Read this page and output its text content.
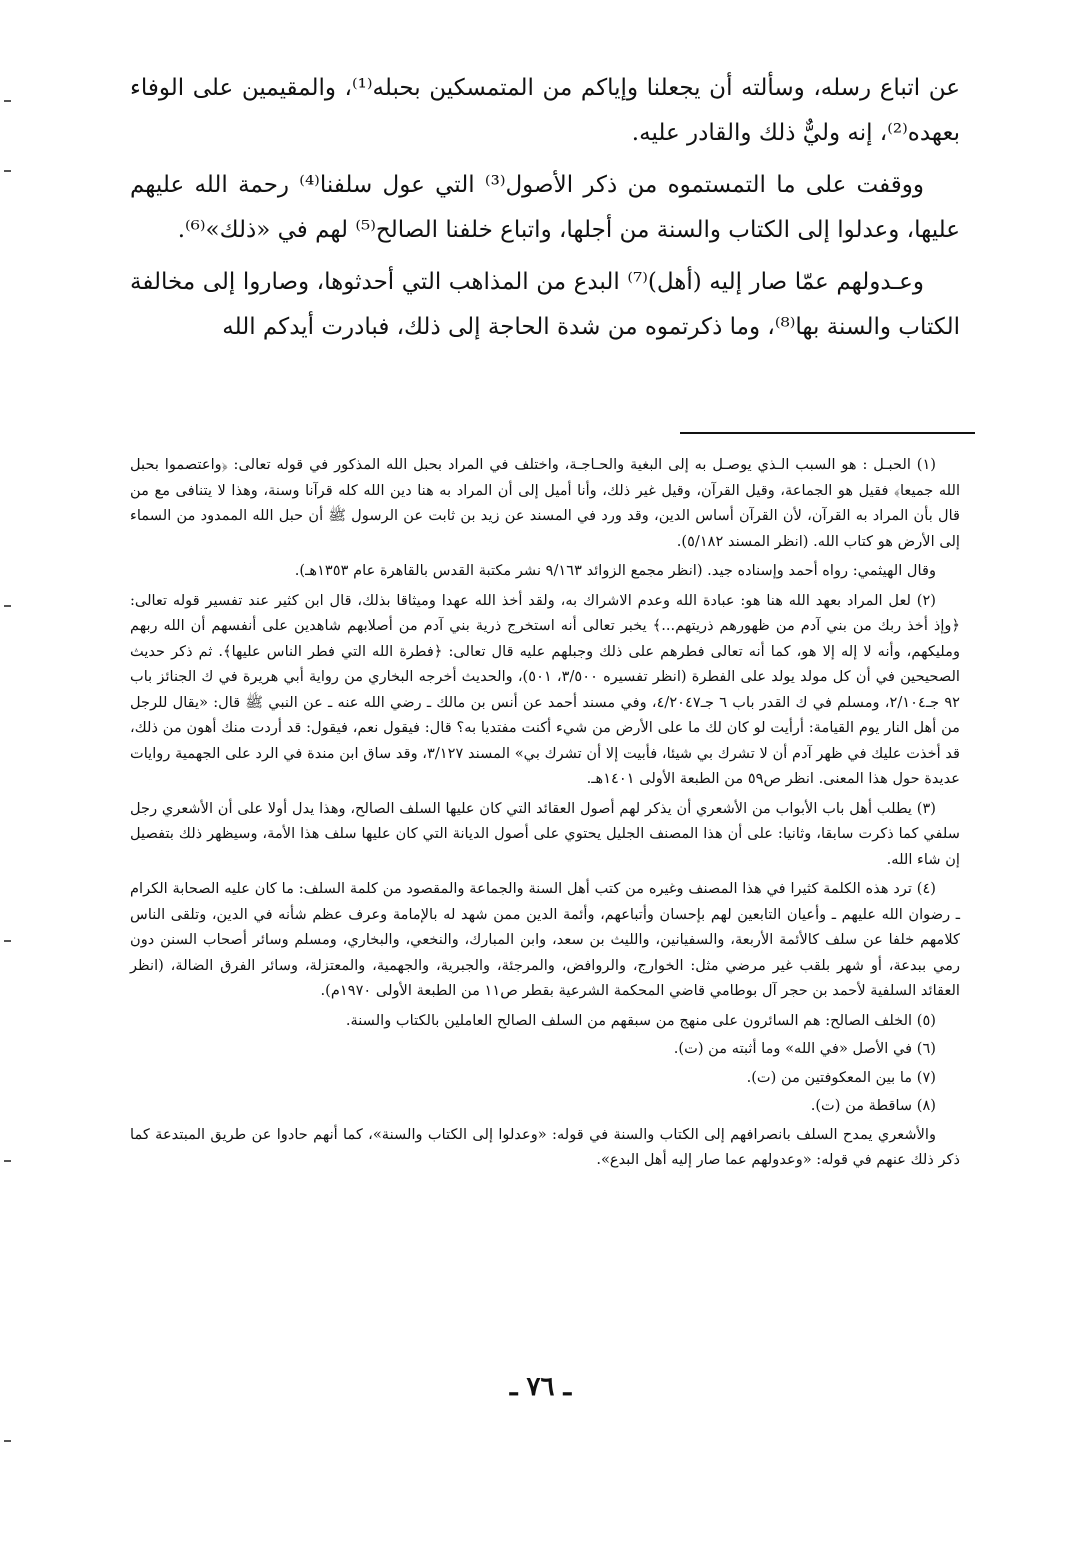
عن اتباع رسله، وسألته أن يجعلنا وإياكم من المتمسكين بحبله⁽¹⁾، والمقيمين على الوفاء بعهده⁽²⁾، إنه وليٌّ ذلك والقادر عليه.

ووقفت على ما التمستموه من ذكر الأصول⁽³⁾ التي عول سلفنا⁽⁴⁾ رحمة الله عليهم عليها، وعدلوا إلى الكتاب والسنة من أجلها، واتباع خلفنا الصالح⁽⁵⁾ لهم في «ذلك»⁽⁶⁾.

وعـدولهم عمّا صار إليه (أهل)⁽⁷⁾ البدع من المذاهب التي أحدثوها، وصاروا إلى مخالفة الكتاب والسنة بها⁽⁸⁾، وما ذكرتموه من شدة الحاجة إلى ذلك، فبادرت أيدكم الله

(١) الحبـل : هو السبب الـذي يوصـل به إلى البغية والحـاجـة، واختلف في المراد بحبل الله المذكور في قوله تعالى: ﴿واعتصموا بحبل الله جميعا﴾ فقيل هو الجماعة، وقيل القرآن، وقيل غير ذلك، وأنا أميل إلى أن المراد به هنا دين الله كله قرآنا وسنة، وهذا لا يتنافى مع من قال بأن المراد به القرآن، لأن القرآن أساس الدين، وقد ورد في المسند عن زيد بن ثابت عن الرسول ﷺ أن حبل الله الممدود من السماء إلى الأرض هو كتاب الله. (انظر المسند ٥/١٨٢).

وقال الهيثمي: رواه أحمد وإسناده جيد. (انظر مجمع الزوائد ٩/١٦٣ نشر مكتبة القدس بالقاهرة عام ١٣٥٣هـ).

(٢) لعل المراد بعهد الله هنا هو: عبادة الله وعدم الاشراك به، ولقد أخذ الله عهدا وميثاقا بذلك، قال ابن كثير عند تفسير قوله تعالى: ﴿وإذ أخذ ربك من بني آدم من ظهورهم ذريتهم...﴾ يخبر تعالى أنه استخرج ذرية بني آدم من أصلابهم شاهدين على أنفسهم أن الله ربهم ومليكهم، وأنه لا إله إلا هو، كما أنه تعالى فطرهم على ذلك وجبلهم عليه قال تعالى: ﴿فطرة الله التي فطر الناس عليها﴾. ثم ذكر حديث الصحيحين في أن كل مولد يولد على الفطرة (انظر تفسيره ٣/٥٠٠، ٥٠١)، والحديث أخرجه البخاري من رواية أبي هريرة في ك الجنائز باب ٩٢ جـ٢/١٠٤، ومسلم في ك القدر باب ٦ جـ٤/٢٠٤٧، وفي مسند أحمد عن أنس بن مالك ـ رضي الله عنه ـ عن النبي ﷺ قال: «يقال للرجل من أهل النار يوم القيامة: أرأيت لو كان لك ما على الأرض من شيء أكنت مفتديا به؟ قال: فيقول نعم، فيقول: قد أردت منك أهون من ذلك، قد أخذت عليك في ظهر آدم أن لا تشرك بي شيئا، فأبيت إلا أن تشرك بي» المسند ٣/١٢٧، وقد ساق ابن مندة في الرد على الجهمية روايات عديدة حول هذا المعنى. انظر ص٥٩ من الطبعة الأولى ١٤٠١هـ.

(٣) يطلب أهل باب الأبواب من الأشعري أن يذكر لهم أصول العقائد التي كان عليها السلف الصالح، وهذا يدل أولا على أن الأشعري رجل سلفي كما ذكرت سابقا، وثانيا: على أن هذا المصنف الجليل يحتوي على أصول الديانة التي كان عليها سلف هذا الأمة، وسيظهر ذلك بتفصيل إن شاء الله.

(٤) ترد هذه الكلمة كثيرا في هذا المصنف وغيره من كتب أهل السنة والجماعة والمقصود من كلمة السلف: ما كان عليه الصحابة الكرام ـ رضوان الله عليهم ـ وأعيان التابعين لهم بإحسان وأتباعهم، وأئمة الدين ممن شهد له بالإمامة وعرف عظم شأنه في الدين، وتلقى الناس كلامهم خلفا عن سلف كالأئمة الأربعة، والسفيانين، والليث بن سعد، وابن المبارك، والنخعي، والبخاري، ومسلم وسائر أصحاب السنن دون رمي ببدعة، أو شهر بلقب غير مرضي مثل: الخوارج، والروافض، والمرجئة، والجبرية، والجهمية، والمعتزلة، وسائر الفرق الضالة، (انظر العقائد السلفية لأحمد بن حجر آل بوطامي قاضي المحكمة الشرعية بقطر ص١١ من الطبعة الأولى ١٩٧٠م).

(٥) الخلف الصالح: هم السائرون على منهج من سبقهم من السلف الصالح العاملين بالكتاب والسنة.

(٦) في الأصل «في الله» وما أثبته من (ت).

(٧) ما بين المعكوفتين من (ت).

(٨) ساقطة من (ت).

والأشعري يمدح السلف بانصرافهم إلى الكتاب والسنة في قوله: «وعدلوا إلى الكتاب والسنة»، كما أنهم حادوا عن طريق المبتدعة كما ذكر ذلك عنهم في قوله: «وعدولهم عما صار إليه أهل البدع».

ـ ٧٦ ـ
